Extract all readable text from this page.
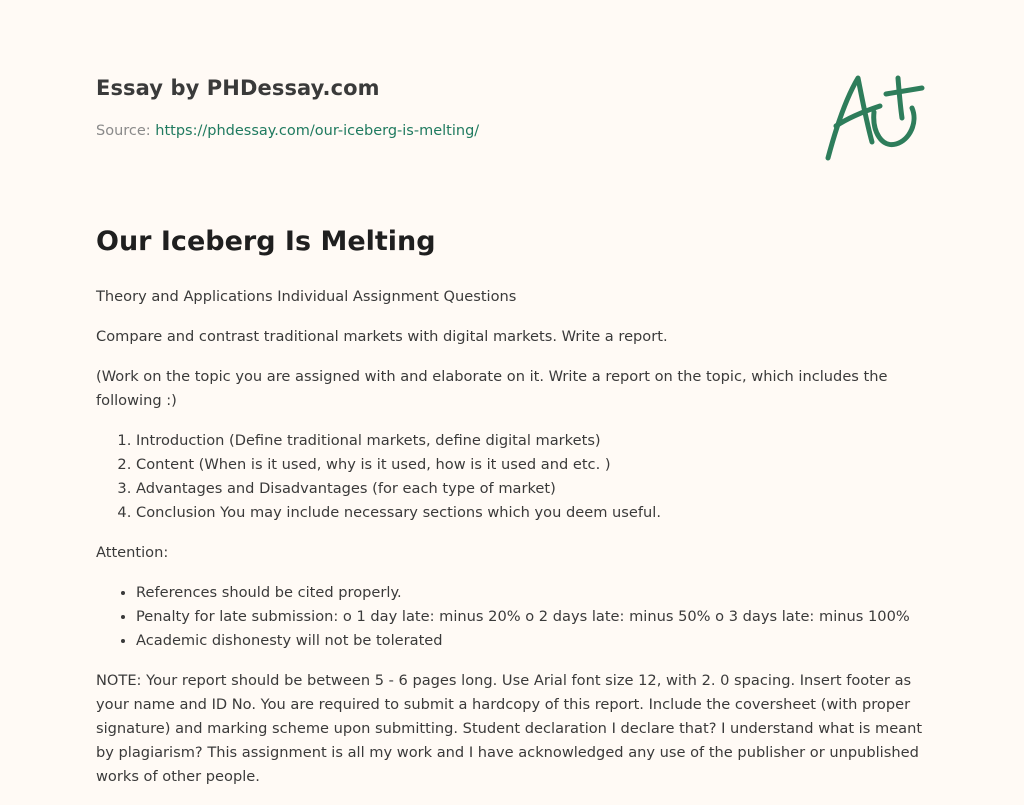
Essay by PHDessay.com
Source: https://phdessay.com/our-iceberg-is-melting/
Our Iceberg Is Melting

Theory and Applications Individual Assignment Questions

Compare and contrast traditional markets with digital markets. Write a report.

(Work on the topic you are assigned with and elaborate on it. Write a report on the topic, which includes the following :)

1. Introduction (Define traditional markets, define digital markets)
2. Content (When is it used, why is it used, how is it used and etc. )
3. Advantages and Disadvantages (for each type of market)
4. Conclusion You may include necessary sections which you deem useful.

Attention:

• References should be cited properly.
• Penalty for late submission: o 1 day late: minus 20% o 2 days late: minus 50% o 3 days late: minus 100%
• Academic dishonesty will not be tolerated

NOTE: Your report should be between 5 - 6 pages long. Use Arial font size 12, with 2. 0 spacing. Insert footer as your name and ID No. You are required to submit a hardcopy of this report. Include the coversheet (with proper signature) and marking scheme upon submitting. Student declaration I declare that? I understand what is meant by plagiarism? This assignment is all my work and I have acknowledged any use of the publisher or unpublished works of other people.
